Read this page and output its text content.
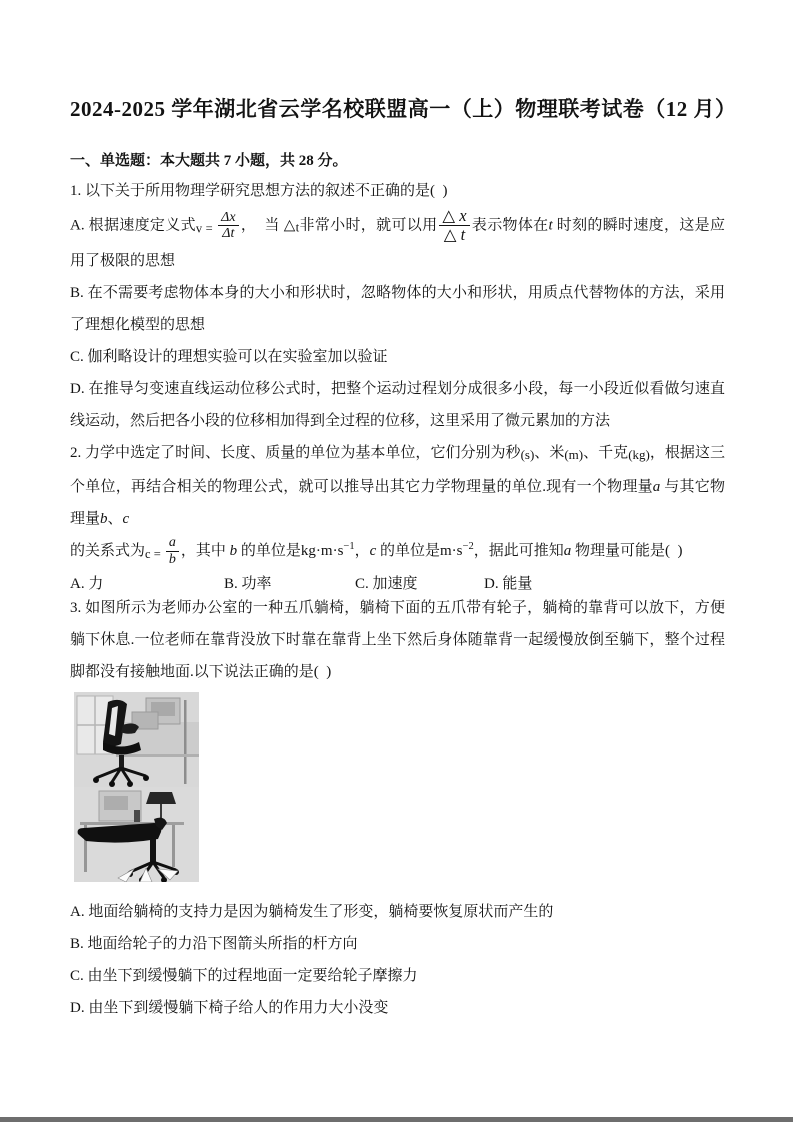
2024-2025 学年湖北省云学名校联盟高一（上）物理联考试卷（12 月）

一、单选题：本大题共 7 小题，共 28 分。

1. 以下关于所用物理学研究思想方法的叙述不正确的是(  )

A. 根据速度定义式$_v$ $_= \frac{\Delta x}{\Delta t}$ ，  当 △t非常小时，就可以用 $\frac{\triangle x}{\triangle t}$ 表示物体在t 时刻的瞬时速度，这是应用了极限的思想

B. 在不需要考虑物体本身的大小和形状时，忽略物体的大小和形状，用质点代替物体的方法，采用了理想化模型的思想

C. 伽利略设计的理想实验可以在实验室加以验证

D. 在推导匀变速直线运动位移公式时，把整个运动过程划分成很多小段，每一小段近似看做匀速直线运动，然后把各小段的位移相加得到全过程的位移，这里采用了微元累加的方法

2. 力学中选定了时间、长度、质量的单位为基本单位，它们分别为秒(s)、米(m)、千克(kg)，根据这三个单位，再结合相关的物理公式，就可以推导出其它力学物理量的单位.现有一个物理量a 与其它物理量b、c

的关系式为$_c$ $_= \frac{a}{b}$ ，其中 b 的单位是$kg\cdot m\cdot s^{-1}$，c 的单位是$m\cdot s^{-2}$，据此可推知a 物理量可能是(  )

A. 力	B. 功率	C. 加速度	D. 能量

3. 如图所示为老师办公室的一种五爪躺椅，躺椅下面的五爪带有轮子，躺椅的靠背可以放下，方便躺下休息.一位老师在靠背没放下时靠在靠背上坐下然后身体随靠背一起缓慢放倒至躺下，整个过程脚都没有接触地面.以下说法正确的是(  )

A. 地面给躺椅的支持力是因为躺椅发生了形变，躺椅要恢复原状而产生的

B. 地面给轮子的力沿下图箭头所指的杆方向

C. 由坐下到缓慢躺下的过程地面一定要给轮子摩擦力

D. 由坐下到缓慢躺下椅子给人的作用力大小没变
